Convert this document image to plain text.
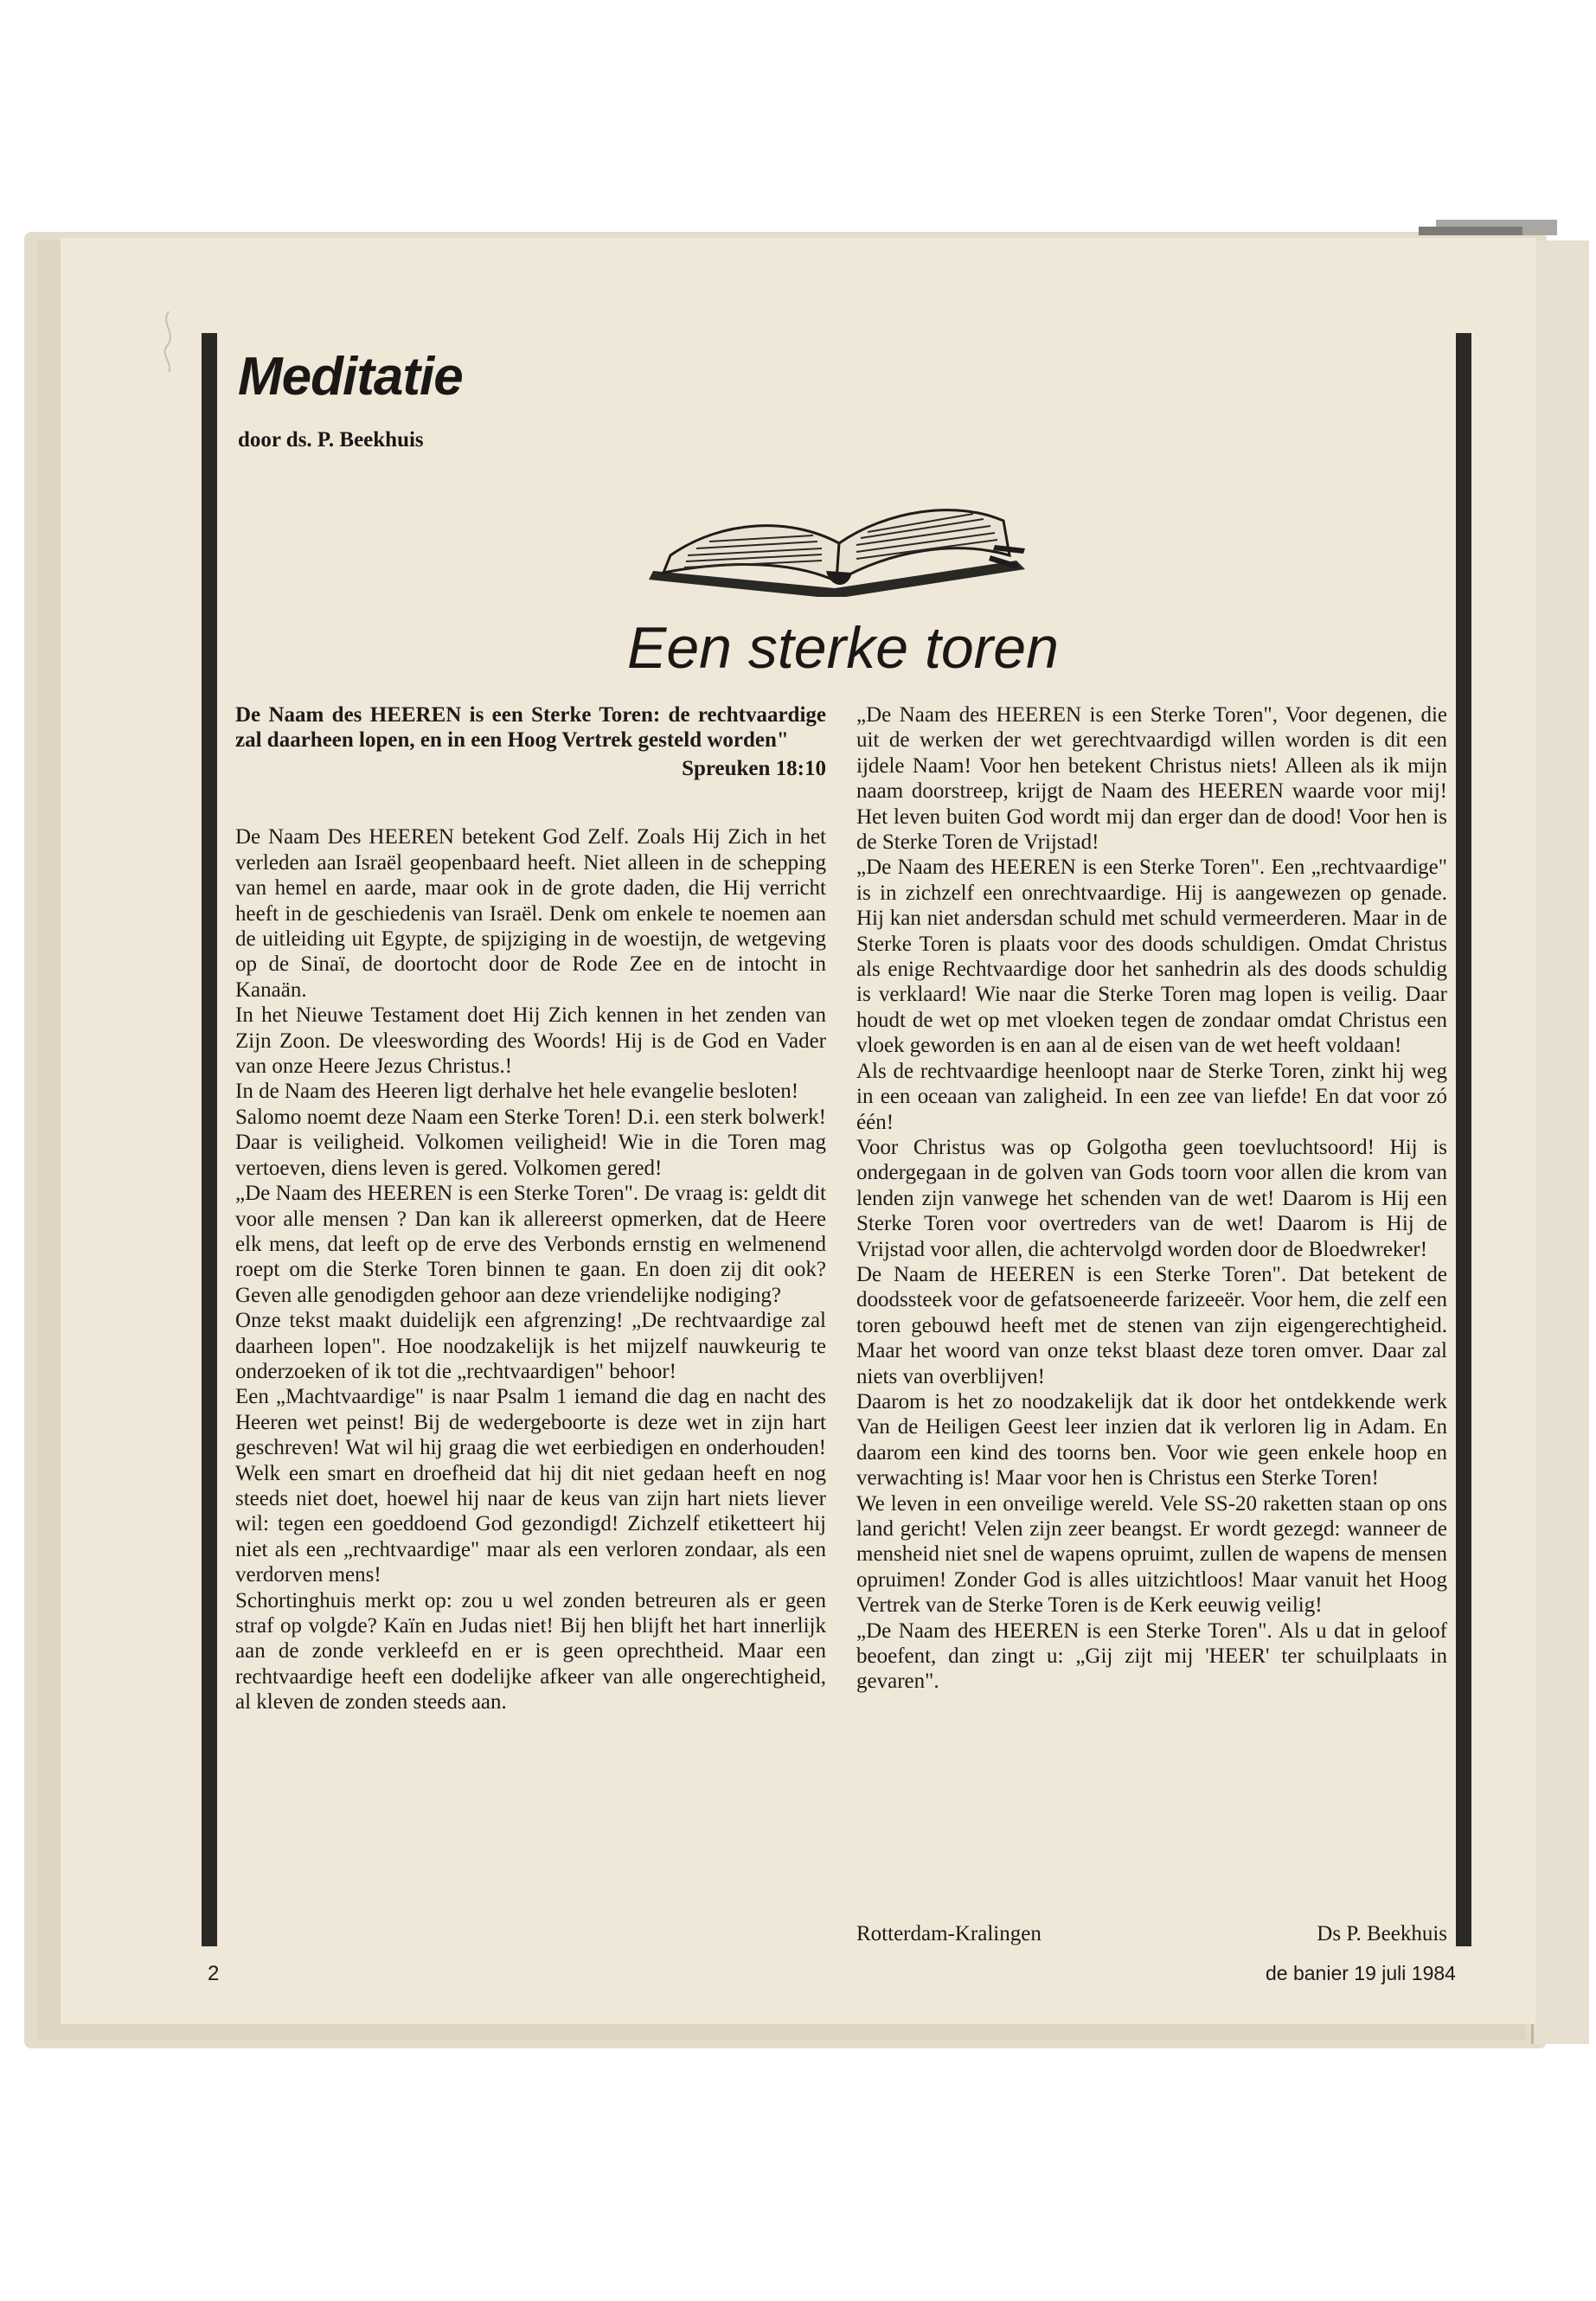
Meditatie
door ds. P. Beekhuis
Een sterke toren

De Naam des HEEREN is een Sterke Toren: de rechtvaardige zal daarheen lopen, en in een Hoog Vertrek gesteld worden"

Spreuken 18:10

De Naam Des HEEREN betekent God Zelf. Zoals Hij Zich in het verleden aan Israël geopenbaard heeft. Niet alleen in de schepping van hemel en aarde, maar ook in de grote daden, die Hij verricht heeft in de geschiedenis van Israël. Denk om enkele te noemen aan de uitleiding uit Egypte, de spijziging in de woestijn, de wetgeving op de Sinaï, de doortocht door de Rode Zee en de intocht in Kanaän.

In het Nieuwe Testament doet Hij Zich kennen in het zenden van Zijn Zoon. De vleeswording des Woords! Hij is de God en Vader van onze Heere Jezus Christus.!

In de Naam des Heeren ligt derhalve het hele evangelie besloten!

Salomo noemt deze Naam een Sterke Toren! D.i. een sterk bolwerk! Daar is veiligheid. Volkomen veiligheid! Wie in die Toren mag vertoeven, diens leven is gered. Volkomen gered!

„De Naam des HEEREN is een Sterke Toren". De vraag is: geldt dit voor alle mensen ? Dan kan ik allereerst opmerken, dat de Heere elk mens, dat leeft op de erve des Verbonds ernstig en welmenend roept om die Sterke Toren binnen te gaan. En doen zij dit ook? Geven alle genodigden gehoor aan deze vriendelijke nodiging?

Onze tekst maakt duidelijk een afgrenzing! „De rechtvaardige zal daarheen lopen". Hoe noodzakelijk is het mijzelf nauwkeurig te onderzoeken of ik tot die „rechtvaardigen" behoor!

Een „Machtvaardige" is naar Psalm 1 iemand die dag en nacht des Heeren wet peinst! Bij de wedergeboorte is deze wet in zijn hart geschreven! Wat wil hij graag die wet eerbiedigen en onderhouden! Welk een smart en droefheid dat hij dit niet gedaan heeft en nog steeds niet doet, hoewel hij naar de keus van zijn hart niets liever wil: tegen een goeddoend God gezondigd! Zichzelf etiketteert hij niet als een „rechtvaardige" maar als een verloren zondaar, als een verdorven mens!

Schortinghuis merkt op: zou u wel zonden betreuren als er geen straf op volgde? Kaïn en Judas niet! Bij hen blijft het hart innerlijk aan de zonde verkleefd en er is geen oprechtheid. Maar een rechtvaardige heeft een dodelijke afkeer van alle ongerechtigheid, al kleven de zonden steeds aan.

„De Naam des HEEREN is een Sterke Toren", Voor degenen, die uit de werken der wet gerechtvaardigd willen worden is dit een ijdele Naam! Voor hen betekent Christus niets! Alleen als ik mijn naam doorstreep, krijgt de Naam des HEEREN waarde voor mij! Het leven buiten God wordt mij dan erger dan de dood! Voor hen is de Sterke Toren de Vrijstad!

„De Naam des HEEREN is een Sterke Toren". Een „rechtvaardige" is in zichzelf een onrechtvaardige. Hij is aangewezen op genade. Hij kan niet andersdan schuld met schuld vermeerderen. Maar in de Sterke Toren is plaats voor des doods schuldigen. Omdat Christus als enige Rechtvaardige door het sanhedrin als des doods schuldig is verklaard! Wie naar die Sterke Toren mag lopen is veilig. Daar houdt de wet op met vloeken tegen de zondaar omdat Christus een vloek geworden is en aan al de eisen van de wet heeft voldaan!

Als de rechtvaardige heenloopt naar de Sterke Toren, zinkt hij weg in een oceaan van zaligheid. In een zee van liefde! En dat voor zó één!

Voor Christus was op Golgotha geen toevluchtsoord! Hij is ondergegaan in de golven van Gods toorn voor allen die krom van lenden zijn vanwege het schenden van de wet! Daarom is Hij een Sterke Toren voor overtreders van de wet! Daarom is Hij de Vrijstad voor allen, die achtervolgd worden door de Bloedwreker!

De Naam de HEEREN is een Sterke Toren". Dat betekent de doodssteek voor de gefatsoeneerde farizeeër. Voor hem, die zelf een toren gebouwd heeft met de stenen van zijn eigengerechtigheid. Maar het woord van onze tekst blaast deze toren omver. Daar zal niets van overblijven!

Daarom is het zo noodzakelijk dat ik door het ontdekkende werk Van de Heiligen Geest leer inzien dat ik verloren lig in Adam. En daarom een kind des toorns ben. Voor wie geen enkele hoop en verwachting is! Maar voor hen is Christus een Sterke Toren!

We leven in een onveilige wereld. Vele SS-20 raketten staan op ons land gericht! Velen zijn zeer beangst. Er wordt gezegd: wanneer de mensheid niet snel de wapens opruimt, zullen de wapens de mensen opruimen! Zonder God is alles uitzichtloos! Maar vanuit het Hoog Vertrek van de Sterke Toren is de Kerk eeuwig veilig!

„De Naam des HEEREN is een Sterke Toren". Als u dat in geloof beoefent, dan zingt u: „Gij zijt mij 'HEER' ter schuilplaats in gevaren".

Rotterdam-Kralingen	Ds P. Beekhuis
2	de banier 19 juli 1984
